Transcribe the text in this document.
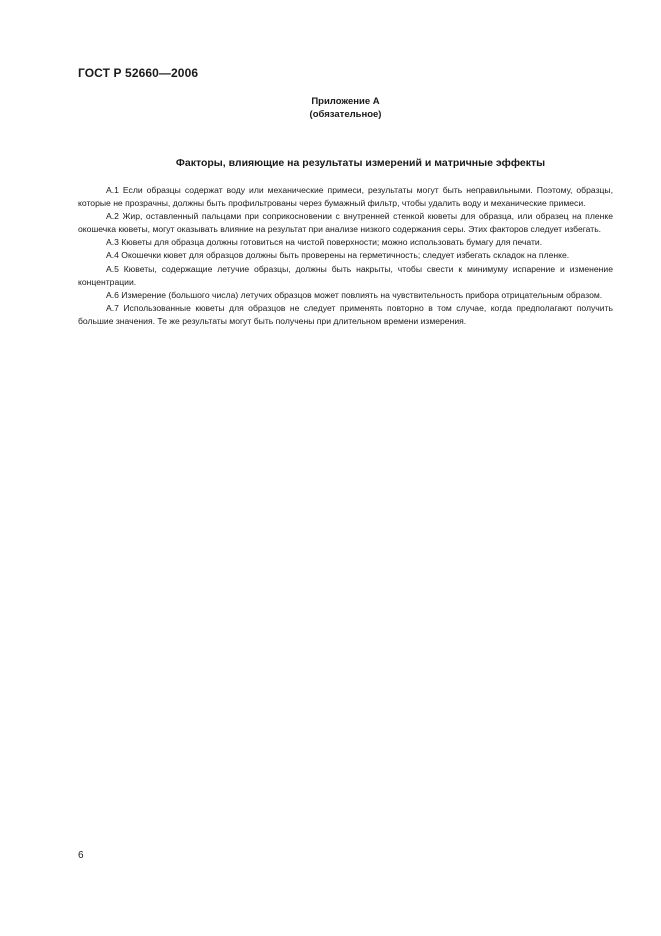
ГОСТ Р 52660—2006
Приложение А
(обязательное)
Факторы, влияющие на результаты измерений и матричные эффекты

А.1 Если образцы содержат воду или механические примеси, результаты могут быть неправильными. Поэтому, образцы, которые не прозрачны, должны быть профильтрованы через бумажный фильтр, чтобы удалить воду и механические примеси.

А.2 Жир, оставленный пальцами при соприкосновении с внутренней стенкой кюветы для образца, или образец на пленке окошечка кюветы, могут оказывать влияние на результат при анализе низкого содержания серы. Этих факторов следует избегать.

А.3 Кюветы для образца должны готовиться на чистой поверхности; можно использовать бумагу для печати.

А.4 Окошечки кювет для образцов должны быть проверены на герметичность; следует избегать складок на пленке.

А.5 Кюветы, содержащие летучие образцы, должны быть накрыты, чтобы свести к минимуму испарение и изменение концентрации.

А.6 Измерение (большого числа) летучих образцов может повлиять на чувствительность прибора отрицательным образом.

А.7 Использованные кюветы для образцов не следует применять повторно в том случае, когда предполагают получить большие значения. Те же результаты могут быть получены при длительном времени измерения.

6
